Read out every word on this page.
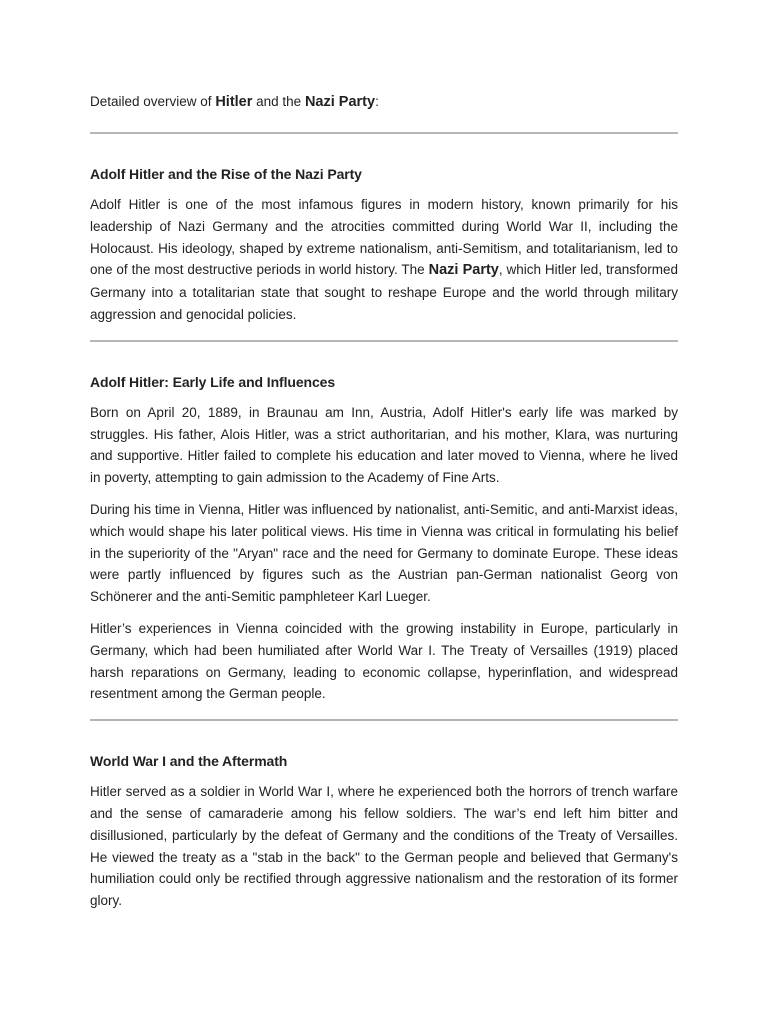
Detailed overview of Hitler and the Nazi Party:

Adolf Hitler and the Rise of the Nazi Party

Adolf Hitler is one of the most infamous figures in modern history, known primarily for his leadership of Nazi Germany and the atrocities committed during World War II, including the Holocaust. His ideology, shaped by extreme nationalism, anti-Semitism, and totalitarianism, led to one of the most destructive periods in world history. The Nazi Party, which Hitler led, transformed Germany into a totalitarian state that sought to reshape Europe and the world through military aggression and genocidal policies.

Adolf Hitler: Early Life and Influences

Born on April 20, 1889, in Braunau am Inn, Austria, Adolf Hitler's early life was marked by struggles. His father, Alois Hitler, was a strict authoritarian, and his mother, Klara, was nurturing and supportive. Hitler failed to complete his education and later moved to Vienna, where he lived in poverty, attempting to gain admission to the Academy of Fine Arts.

During his time in Vienna, Hitler was influenced by nationalist, anti-Semitic, and anti-Marxist ideas, which would shape his later political views. His time in Vienna was critical in formulating his belief in the superiority of the "Aryan" race and the need for Germany to dominate Europe. These ideas were partly influenced by figures such as the Austrian pan-German nationalist Georg von Schönerer and the anti-Semitic pamphleteer Karl Lueger.

Hitler’s experiences in Vienna coincided with the growing instability in Europe, particularly in Germany, which had been humiliated after World War I. The Treaty of Versailles (1919) placed harsh reparations on Germany, leading to economic collapse, hyperinflation, and widespread resentment among the German people.

World War I and the Aftermath

Hitler served as a soldier in World War I, where he experienced both the horrors of trench warfare and the sense of camaraderie among his fellow soldiers. The war’s end left him bitter and disillusioned, particularly by the defeat of Germany and the conditions of the Treaty of Versailles. He viewed the treaty as a "stab in the back" to the German people and believed that Germany's humiliation could only be rectified through aggressive nationalism and the restoration of its former glory.
